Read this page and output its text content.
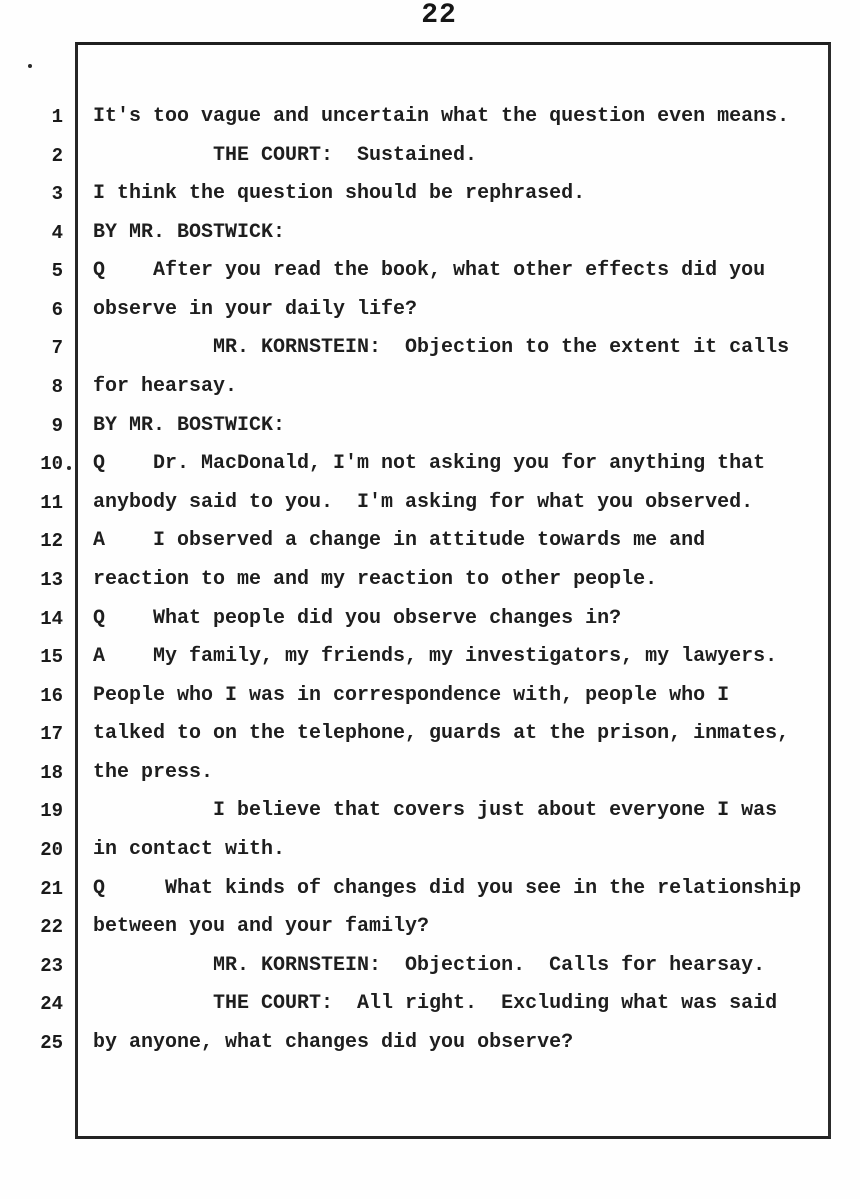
22
1 It's too vague and uncertain what the question even means.
2 THE COURT:  Sustained.
3 I think the question should be rephrased.
4 BY MR. BOSTWICK:
5 Q    After you read the book, what other effects did you
6 observe in your daily life?
7 MR. KORNSTEIN:  Objection to the extent it calls
8 for hearsay.
9 BY MR. BOSTWICK:
10 Q    Dr. MacDonald, I'm not asking you for anything that
11 anybody said to you.  I'm asking for what you observed.
12 A    I observed a change in attitude towards me and
13 reaction to me and my reaction to other people.
14 Q    What people did you observe changes in?
15 A    My family, my friends, my investigators, my lawyers.
16 People who I was in correspondence with, people who I
17 talked to on the telephone, guards at the prison, inmates,
18 the press.
19 I believe that covers just about everyone I was
20 in contact with.
21 Q     What kinds of changes did you see in the relationship
22 between you and your family?
23 MR. KORNSTEIN:  Objection.  Calls for hearsay.
24 THE COURT:  All right.  Excluding what was said
25 by anyone, what changes did you observe?
